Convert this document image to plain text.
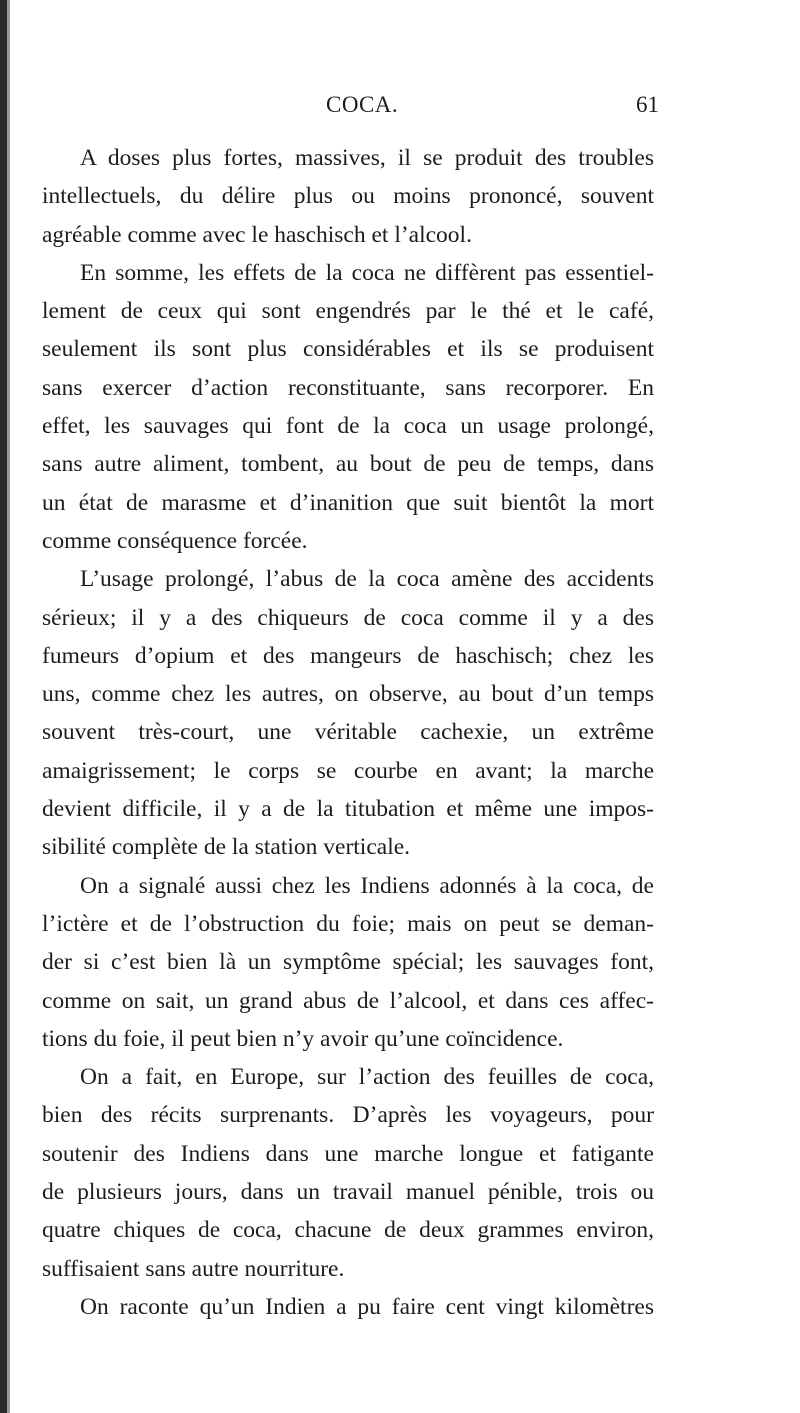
COCA.	61
A doses plus fortes, massives, il se produit des troubles
intellectuels, du délire plus ou moins prononcé, souvent
agréable comme avec le haschisch et l’alcool.
En somme, les effets de la coca ne diffèrent pas essentiel-
lement de ceux qui sont engendrés par le thé et le café,
seulement ils sont plus considérables et ils se produisent
sans exercer d’action reconstituante, sans recorporer. En
effet, les sauvages qui font de la coca un usage prolongé,
sans autre aliment, tombent, au bout de peu de temps, dans
un état de marasme et d’inanition que suit bientôt la mort
comme conséquence forcée.
L’usage prolongé, l’abus de la coca amène des accidents
sérieux; il y a des chiqueurs de coca comme il y a des
fumeurs d’opium et des mangeurs de haschisch; chez les
uns, comme chez les autres, on observe, au bout d’un temps
souvent très-court, une véritable cachexie, un extrême
amaigrissement; le corps se courbe en avant; la marche
devient difficile, il y a de la titubation et même une impos-
sibilité complète de la station verticale.
On a signalé aussi chez les Indiens adonnés à la coca, de
l’ictère et de l’obstruction du foie; mais on peut se deman-
der si c’est bien là un symptôme spécial; les sauvages font,
comme on sait, un grand abus de l’alcool, et dans ces affec-
tions du foie, il peut bien n’y avoir qu’une coïncidence.
On a fait, en Europe, sur l’action des feuilles de coca,
bien des récits surprenants. D’après les voyageurs, pour
soutenir des Indiens dans une marche longue et fatigante
de plusieurs jours, dans un travail manuel pénible, trois ou
quatre chiques de coca, chacune de deux grammes environ,
suffisaient sans autre nourriture.
On raconte qu’un Indien a pu faire cent vingt kilomètres
